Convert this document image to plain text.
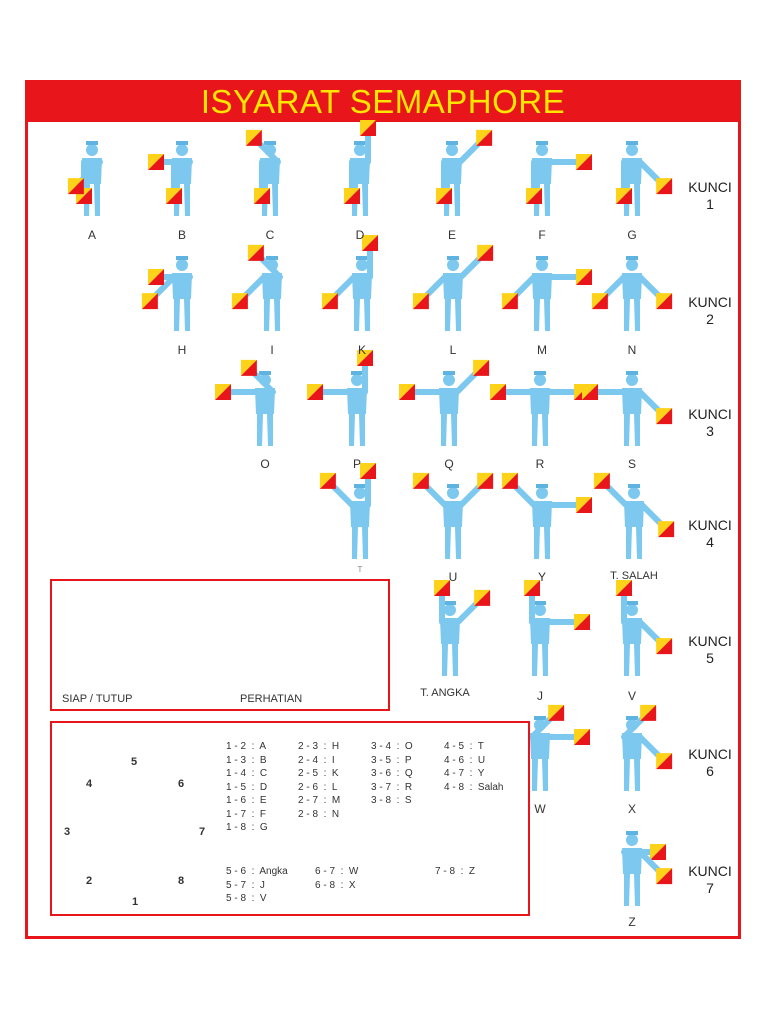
ISYARAT SEMAPHORE
A	B	C	D	E	F	G
H	I	K	L	M	N
O	P	Q	R	S
T
U	Y	T. SALAH
T. ANGKA	J	V
W	X
Z
KUNCI
1
KUNCI
2
KUNCI
3
KUNCI
4
KUNCI
5
KUNCI
6
KUNCI
7
SIAP / TUTUP	PERHATIAN
5
4	6
3	7
2	8
1
1 - 2  :  A
1 - 3  :  B
1 - 4  :  C
1 - 5  :  D
1 - 6  :  E
1 - 7  :  F
1 - 8  :  G
2 - 3  :  H
2 - 4  :  I
2 - 5  :  K
2 - 6  :  L
2 - 7  :  M
2 - 8  :  N
3 - 4  :  O
3 - 5  :  P
3 - 6  :  Q
3 - 7  :  R
3 - 8  :  S
4 - 5  :  T
4 - 6  :  U
4 - 7  :  Y
4 - 8  :  Salah
5 - 6  :  Angka
5 - 7  :  J
5 - 8  :  V
6 - 7  :  W
6 - 8  :  X
7 - 8  :  Z
